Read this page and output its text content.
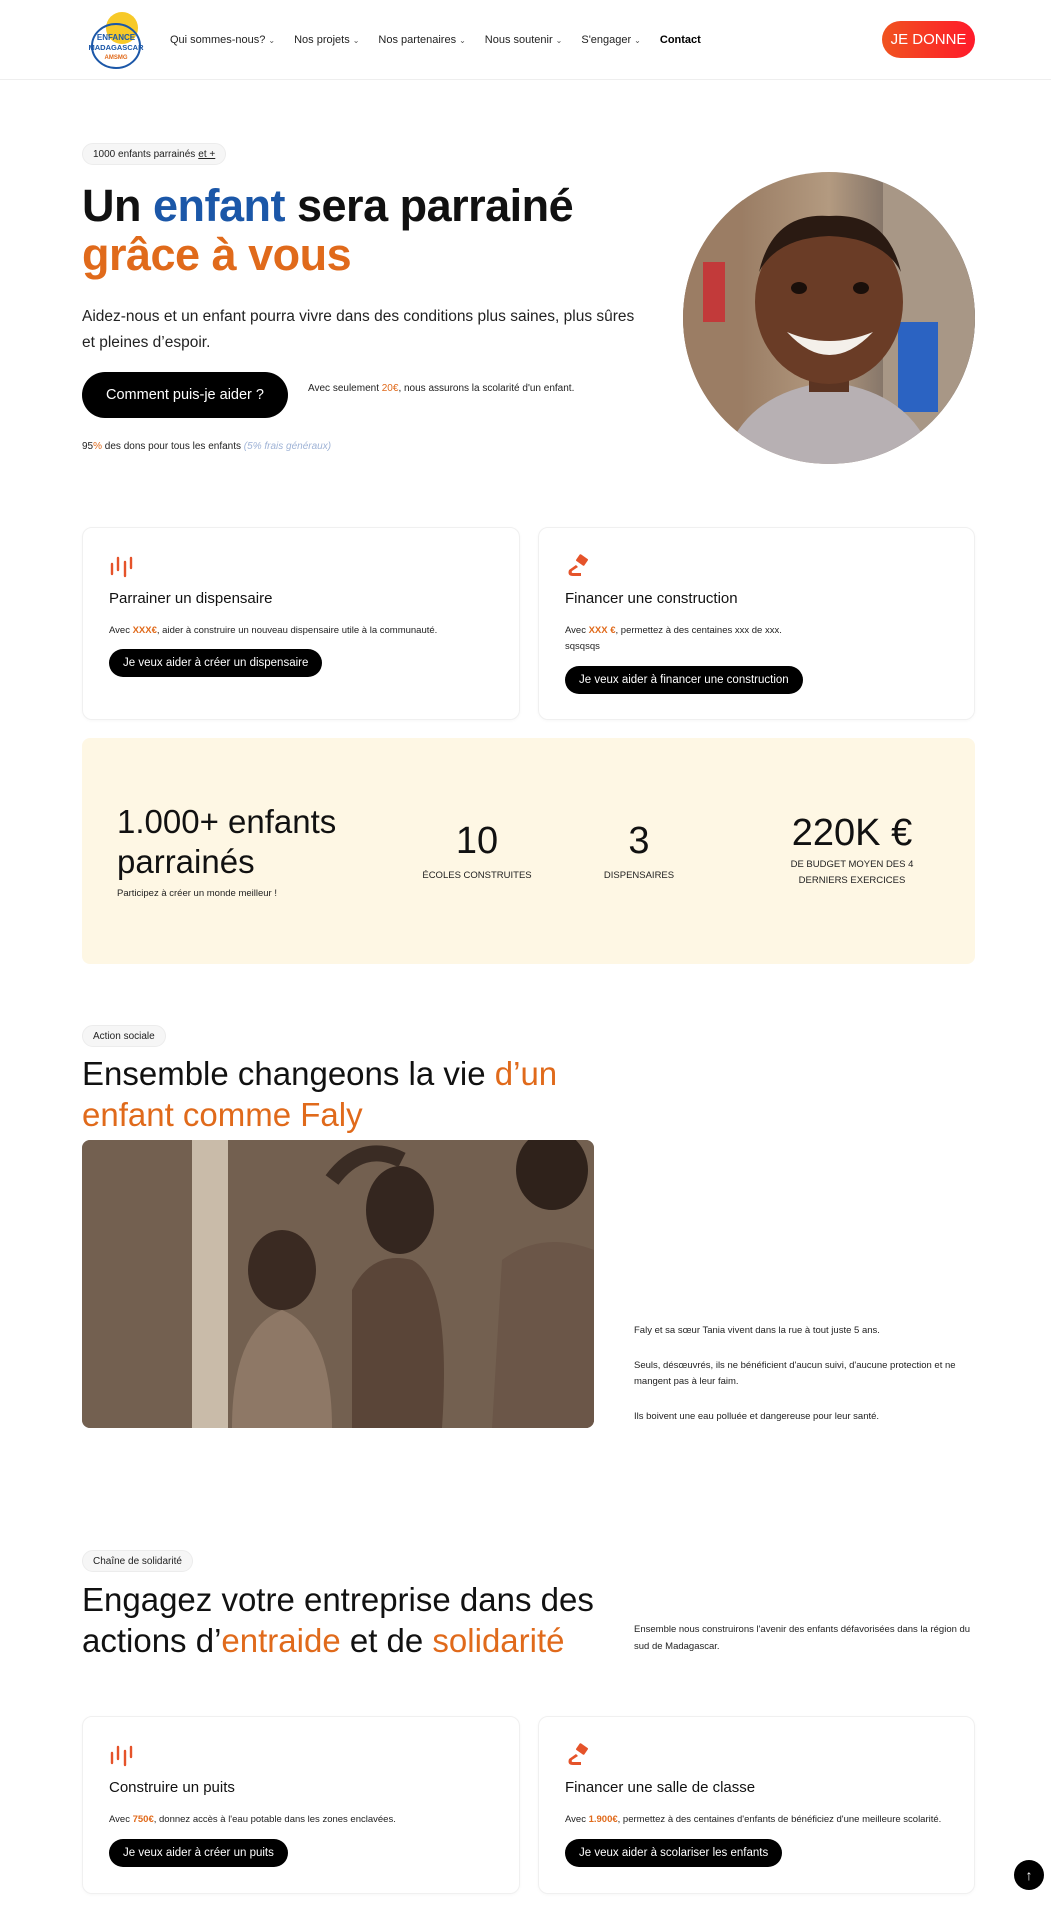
ENFANCE
MADAGASCAR
AMSMG
Qui sommes-nous? ⌄ Nos projets ⌄ Nos partenaires ⌄ Nous soutenir ⌄ S'engager ⌄ Contact	JE DONNE
1000 enfants parrainés et +
Un enfant sera parrainé
grâce à vous
Aidez-nous et un enfant pourra vivre dans des conditions plus saines, plus sûres et pleines d’espoir.
Comment puis-je aider ?	Avec seulement 20€, nous assurons la scolarité d'un enfant.
95% des dons pour tous les enfants (5% frais généraux)
Parrainer un dispensaire
Avec XXX€, aider à construire un nouveau dispensaire utile à la communauté.
Je veux aider à créer un dispensaire
Financer une construction
Avec XXX €, permettez à des centaines xxx de xxx.
sqsqsqs
Je veux aider à financer une construction
1.000+ enfants
parrainés
Participez à créer un monde meilleur !
10
ÉCOLES CONSTRUITES
3
DISPENSAIRES
220K €
DE BUDGET MOYEN DES 4
DERNIERS EXERCICES
Action sociale
Ensemble changeons la vie d’un
enfant comme Faly

Faly et sa sœur Tania vivent dans la rue à tout juste 5 ans.

Seuls, désœuvrés, ils ne bénéficient d'aucun suivi, d'aucune protection et ne mangent pas à leur faim.

Ils boivent une eau polluée et dangereuse pour leur santé.

Chaîne de solidarité
Engagez votre entreprise dans des
actions d’entraide et de solidarité	Ensemble nous construirons l'avenir des enfants défavorisées dans la région du sud de Madagascar.
Construire un puits
Avec 750€, donnez accès à l'eau potable dans les zones enclavées.
Je veux aider à créer un puits
Financer une salle de classe
Avec 1.900€, permettez à des centaines d'enfants de bénéficiez d'une meilleure scolarité.
Je veux aider à scolariser les enfants
↑
